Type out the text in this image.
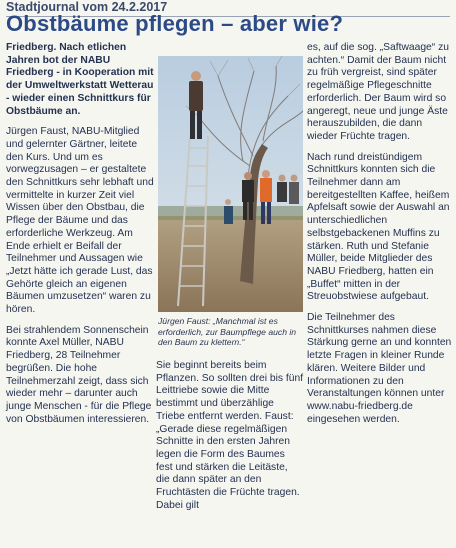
Stadtjournal vom 24.2.2017
Obstbäume pflegen – aber wie?

Friedberg. Nach etlichen Jahren bot der NABU Friedberg - in Kooperation mit der Umweltwerkstatt Wetterau - wieder einen Schnittkurs für Obstbäume an.

Jürgen Faust, NABU-Mitglied und gelernter Gärtner, leitete den Kurs. Und um es vorwegzusagen – er gestaltete den Schnittkurs sehr lebhaft und vermittelte in kurzer Zeit viel Wissen über den Obstbau, die Pflege der Bäume und das erforderliche Werkzeug. Am Ende erhielt er Beifall der Teilnehmer und Aussagen wie „Jetzt hätte ich gerade Lust, das Gehörte gleich an eigenen Bäumen umzusetzen“ waren zu hören.

Bei strahlendem Sonnenschein konnte Axel Müller, NABU Friedberg, 28 Teilnehmer begrüßen. Die hohe Teilnehmerzahl zeigt, dass sich wieder mehr – darunter auch junge Menschen - für die Pflege von Obstbäumen interessieren.

Jürgen Faust: „Manchmal ist es erforderlich, zur Baumpflege auch in den Baum zu klettern.“

Sie beginnt bereits beim Pflanzen. So sollten drei bis fünf Leittriebe sowie die Mitte bestimmt und überzählige Triebe entfernt werden. Faust: „Gerade diese regelmäßigen Schnitte in den ersten Jahren legen die Form des Baumes fest und stärken die Leitäste, die dann später an den Fruchtästen die Früchte tragen. Dabei gilt

es, auf die sog. „Saftwaage“ zu achten.“ Damit der Baum nicht zu früh vergreist, sind später regelmäßige Pflegeschnitte erforderlich. Der Baum wird so angeregt, neue und junge Äste herauszubilden, die dann wieder Früchte tragen.

Nach rund dreistündigem Schnittkurs konnten sich die Teilnehmer dann am bereitgestellten Kaffee, heißem Apfelsaft sowie der Auswahl an unterschiedlichen selbstgebackenen Muffins zu stärken. Ruth und Stefanie Müller, beide Mitglieder des NABU Friedberg, hatten ein „Buffet“ mitten in der Streuobstwiese aufgebaut.

Die Teilnehmer des Schnittkurses nahmen diese Stärkung gerne an und konnten letzte Fragen in kleiner Runde klären. Weitere Bilder und Informationen zu den Veranstaltungen können unter www.nabu-friedberg.de eingesehen werden.
